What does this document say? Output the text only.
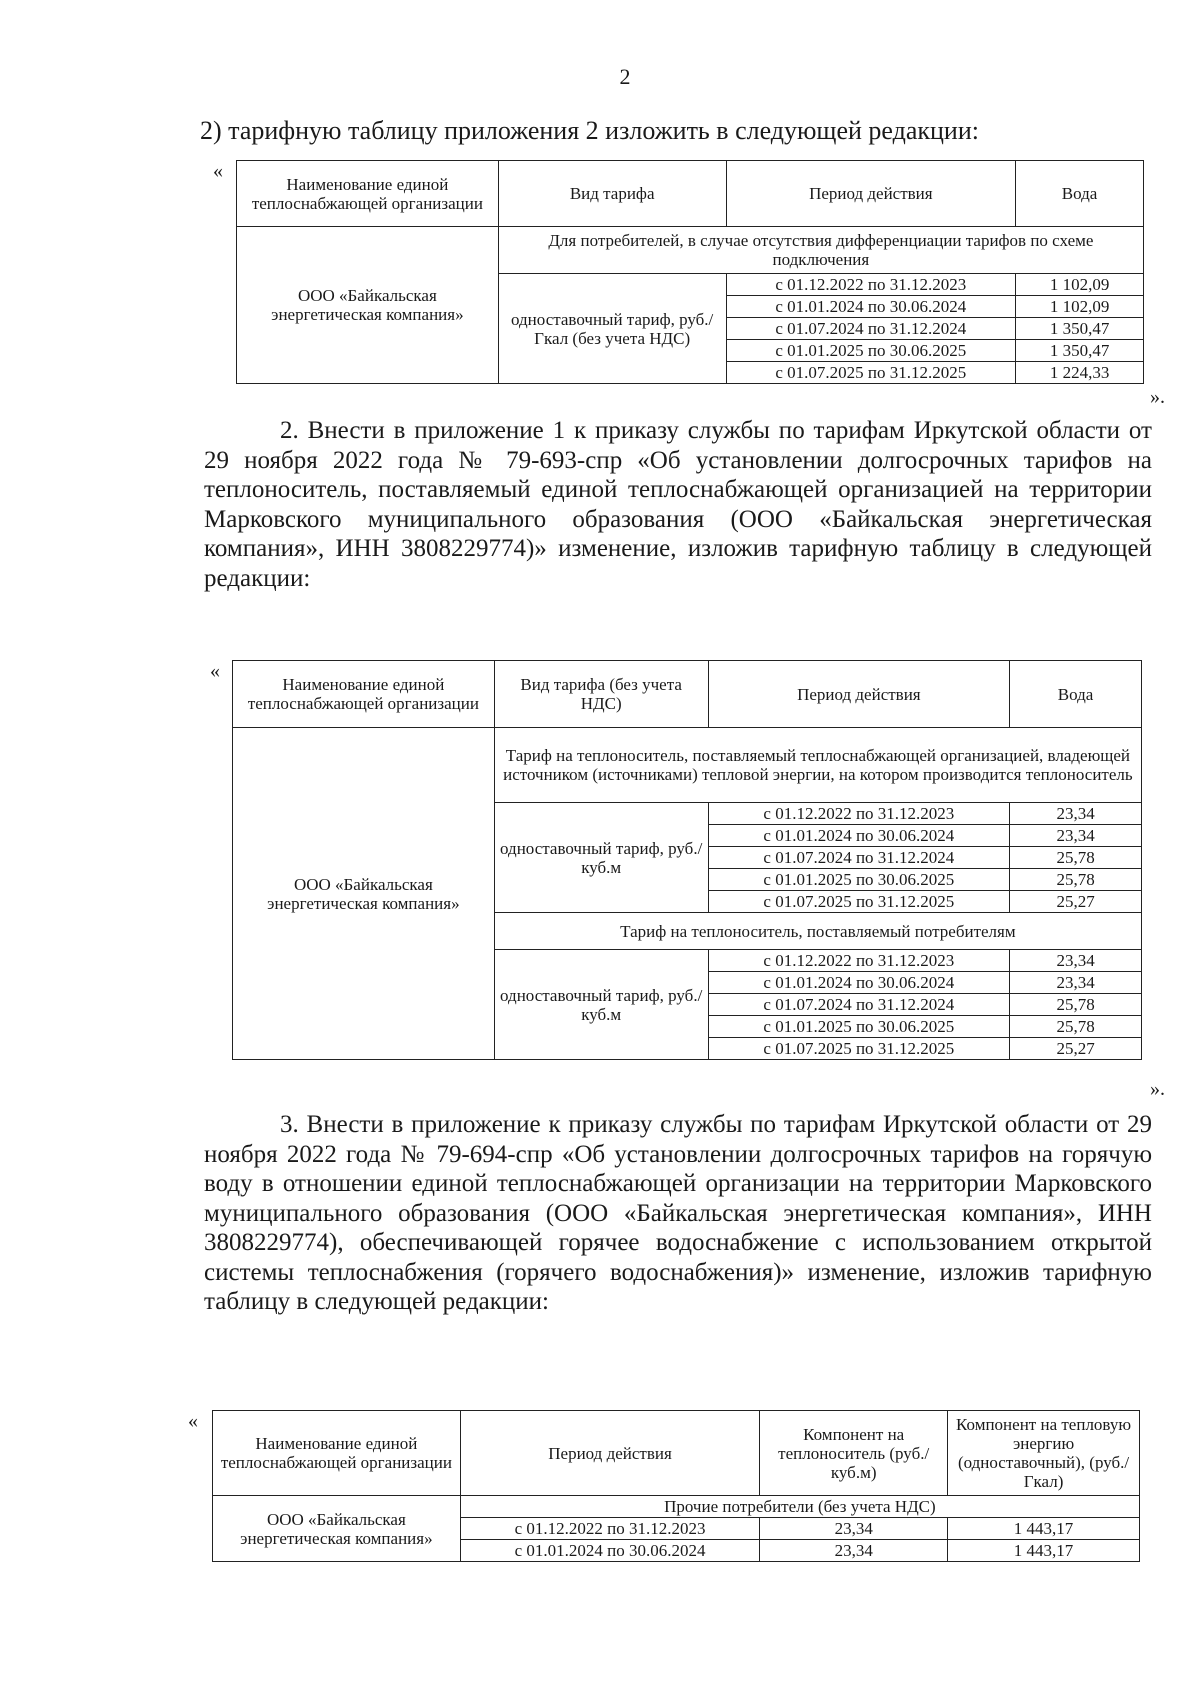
2
2) тарифную таблицу приложения 2 изложить в следующей редакции:
«
Наименование единой теплоснабжающей организации	Вид тарифа	Период действия	Вода
ООО «Байкальская энергетическая компания»	Для потребителей, в случае отсутствия дифференциации тарифов по схеме подключения		
	одноставочный тариф, руб./Гкал (без учета НДС)	с 01.12.2022 по 31.12.2023	1 102,09
		с 01.01.2024 по 30.06.2024	1 102,09
		с 01.07.2024 по 31.12.2024	1 350,47
		с 01.01.2025 по 30.06.2025	1 350,47
		с 01.07.2025 по 31.12.2025	1 224,33
».
2. Внести в приложение 1 к приказу службы по тарифам Иркутской области от 29 ноября 2022 года № 79-693-спр «Об установлении долгосрочных тарифов на теплоноситель, поставляемый единой теплоснабжающей организацией на территории Марковского муниципального образования (ООО «Байкальская энергетическая компания», ИНН 3808229774)» изменение, изложив тарифную таблицу в следующей редакции:
«
Наименование единой теплоснабжающей организации	Вид тарифа (без учета НДС)	Период действия	Вода
ООО «Байкальская энергетическая компания»	Тариф на теплоноситель, поставляемый теплоснабжающей организацией, владеющей источником (источниками) тепловой энергии, на котором производится теплоноситель		
	одноставочный тариф, руб./куб.м	с 01.12.2022 по 31.12.2023	23,34
		с 01.01.2024 по 30.06.2024	23,34
		с 01.07.2024 по 31.12.2024	25,78
		с 01.01.2025 по 30.06.2025	25,78
		с 01.07.2025 по 31.12.2025	25,27
	Тариф на теплоноситель, поставляемый потребителям		
	одноставочный тариф, руб./куб.м	с 01.12.2022 по 31.12.2023	23,34
		с 01.01.2024 по 30.06.2024	23,34
		с 01.07.2024 по 31.12.2024	25,78
		с 01.01.2025 по 30.06.2025	25,78
		с 01.07.2025 по 31.12.2025	25,27
».
3. Внести в приложение к приказу службы по тарифам Иркутской области от 29 ноября 2022 года № 79-694-спр «Об установлении долгосрочных тарифов на горячую воду в отношении единой теплоснабжающей организации на территории Марковского муниципального образования (ООО «Байкальская энергетическая компания», ИНН 3808229774), обеспечивающей горячее водоснабжение с использованием открытой системы теплоснабжения (горячего водоснабжения)» изменение, изложив тарифную таблицу в следующей редакции:
«
Наименование единой теплоснабжающей организации	Период действия	Компонент на теплоноситель (руб./куб.м)	Компонент на тепловую энергию (одноставочный), (руб./Гкал)
ООО «Байкальская энергетическая компания»	Прочие потребители (без учета НДС)		
	с 01.12.2022 по 31.12.2023	23,34	1 443,17
	с 01.01.2024 по 30.06.2024	23,34	1 443,17
